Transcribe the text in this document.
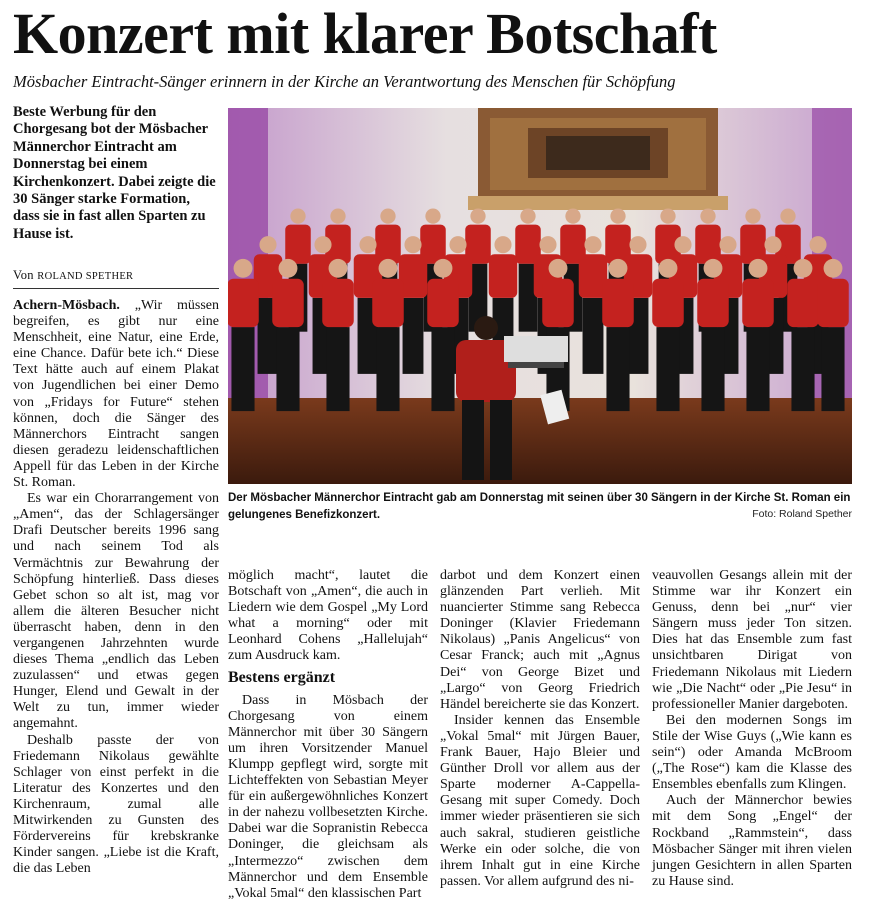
Konzert mit klarer Botschaft
Mösbacher Eintracht-Sänger erinnern in der Kirche an Verantwortung des Menschen für Schöpfung
Beste Werbung für den Chorgesang bot der Mösbacher Männerchor Eintracht am Donnerstag bei einem Kirchenkonzert. Dabei zeigte die 30 Sänger starke Formation, dass sie in fast allen Sparten zu Hause ist.
Von ROLAND SPETHER
Der Mösbacher Männerchor Eintracht gab am Donnerstag mit seinen über 30 Sängern in der Kirche St. Roman ein gelungenes Benefizkonzert.	Foto: Roland Spether

Achern-Mösbach. „Wir müssen begreifen, es gibt nur eine Menschheit, eine Natur, eine Erde, eine Chance. Dafür bete ich.“ Diese Text hätte auch auf einem Plakat von Jugendlichen bei einer Demo von „Fridays for Future“ stehen können, doch die Sänger des Männerchors Eintracht sangen diesen geradezu leidenschaftlichen Appell für das Leben in der Kirche St. Roman.

Es war ein Chorarrangement von „Amen“, das der Schlagersänger Drafi Deutscher bereits 1996 sang und nach seinem Tod als Vermächtnis zur Bewahrung der Schöpfung hinterließ. Dass dieses Gebet schon so alt ist, mag vor allem die älteren Besucher nicht überrascht haben, denn in den vergangenen Jahrzehnten wurde dieses Thema „endlich das Leben zuzulassen“ und etwas gegen Hunger, Elend und Gewalt in der Welt zu tun, immer wieder angemahnt.

Deshalb passte der von Friedemann Nikolaus gewählte Schlager von einst perfekt in die Literatur des Konzertes und den Kirchenraum, zumal alle Mitwirkenden zu Gunsten des Fördervereins für krebskranke Kinder sangen. „Liebe ist die Kraft, die das Leben

möglich macht“, lautet die Botschaft von „Amen“, die auch in Liedern wie dem Gospel „My Lord what a morning“ oder mit Leonhard Cohens „Hallelujah“ zum Ausdruck kam.

Bestens ergänzt

Dass in Mösbach der Chorgesang von einem Männerchor mit über 30 Sängern um ihren Vorsitzender Manuel Klumpp gepflegt wird, sorgte mit Lichteffekten von Sebastian Meyer für ein außergewöhnliches Konzert in der nahezu vollbesetzten Kirche. Dabei war die Sopranistin Rebecca Doninger, die gleichsam als „Intermezzo“ zwischen dem Männerchor und dem Ensemble „Vokal 5mal“ den klassischen Part

darbot und dem Konzert einen glänzenden Part verlieh. Mit nuancierter Stimme sang Rebecca Doninger (Klavier Friedemann Nikolaus) „Panis Angelicus“ von Cesar Franck; auch mit „Agnus Dei“ von George Bizet und „Largo“ von Georg Friedrich Händel bereicherte sie das Konzert.

Insider kennen das Ensemble „Vokal 5mal“ mit Jürgen Bauer, Frank Bauer, Hajo Bleier und Günther Droll vor allem aus der Sparte moderner A-Cappella-Gesang mit super Comedy. Doch immer wieder präsentieren sie sich auch sakral, studieren geistliche Werke ein oder solche, die von ihrem Inhalt gut in eine Kirche passen. Vor allem aufgrund des ni-

veauvollen Gesangs allein mit der Stimme war ihr Konzert ein Genuss, denn bei „nur“ vier Sängern muss jeder Ton sitzen. Dies hat das Ensemble zum fast unsichtbaren Dirigat von Friedemann Nikolaus mit Liedern wie „Die Nacht“ oder „Pie Jesu“ in professioneller Manier dargeboten.

Bei den modernen Songs im Stile der Wise Guys („Wie kann es sein“) oder Amanda McBroom („The Rose“) kam die Klasse des Ensembles ebenfalls zum Klingen.

Auch der Männerchor bewies mit dem Song „Engel“ der Rockband „Rammstein“, dass Mösbacher Sänger mit ihren vielen jungen Gesichtern in allen Sparten zu Hause sind.
